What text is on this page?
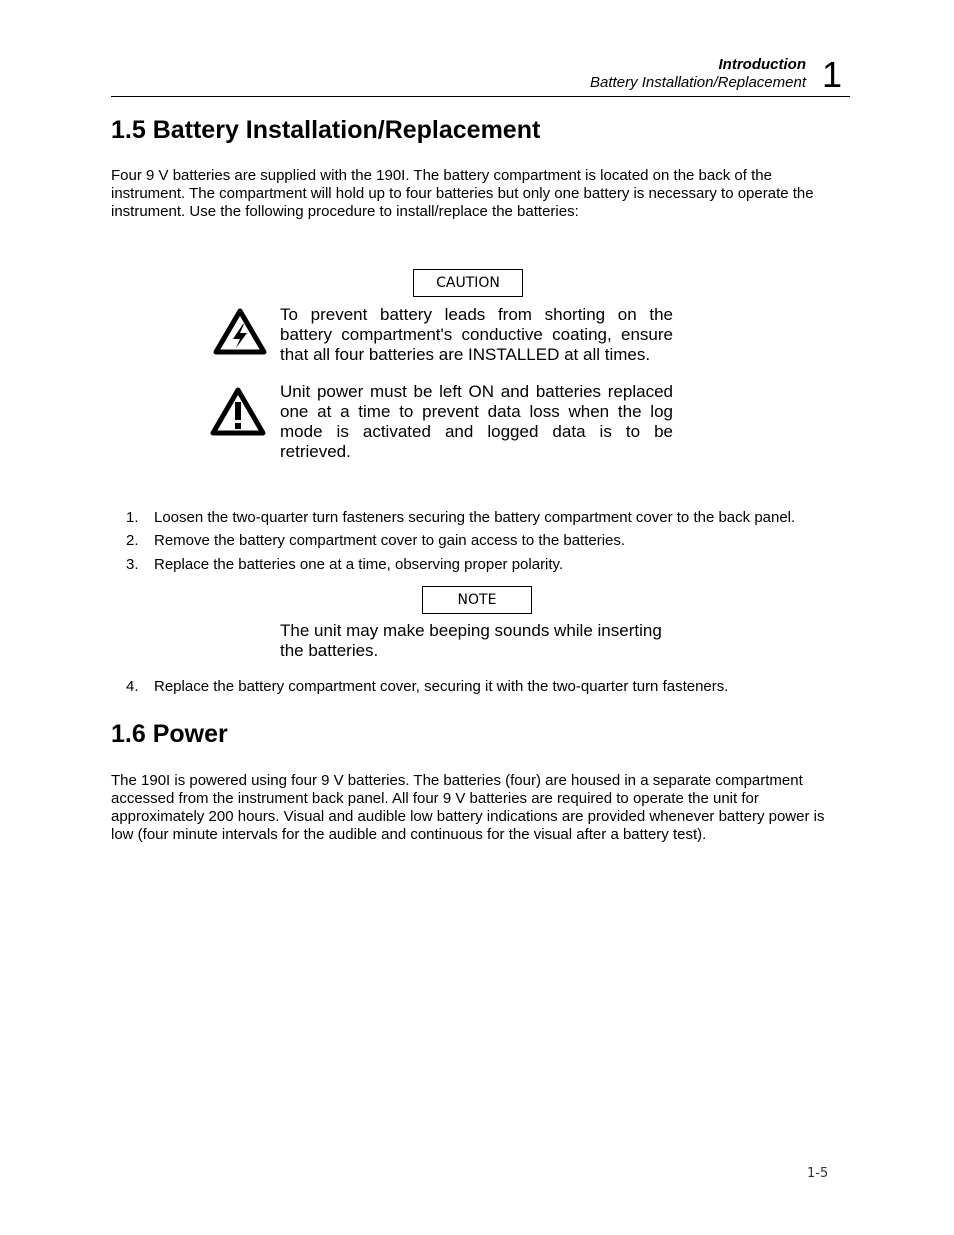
Introduction
Battery Installation/Replacement 1
1.5 Battery Installation/Replacement

Four 9 V batteries are supplied with the 190I. The battery compartment is located on the back of the instrument. The compartment will hold up to four batteries but only one battery is necessary to operate the instrument. Use the following procedure to install/replace the batteries:

CAUTION

To prevent battery leads from shorting on the battery compartment's conductive coating, ensure that all four batteries are INSTALLED at all times.

Unit power must be left ON and batteries replaced one at a time to prevent data loss when the log mode is activated and logged data is to be retrieved.

1. Loosen the two-quarter turn fasteners securing the battery compartment cover to the back panel.
2. Remove the battery compartment cover to gain access to the batteries.
3. Replace the batteries one at a time, observing proper polarity.
NOTE

The unit may make beeping sounds while inserting the batteries.

4. Replace the battery compartment cover, securing it with the two-quarter turn fasteners.
1.6 Power

The 190I is powered using four 9 V batteries. The batteries (four) are housed in a separate compartment accessed from the instrument back panel. All four 9 V batteries are required to operate the unit for approximately 200 hours. Visual and audible low battery indications are provided whenever battery power is low (four minute intervals for the audible and continuous for the visual after a battery test).

1-5
